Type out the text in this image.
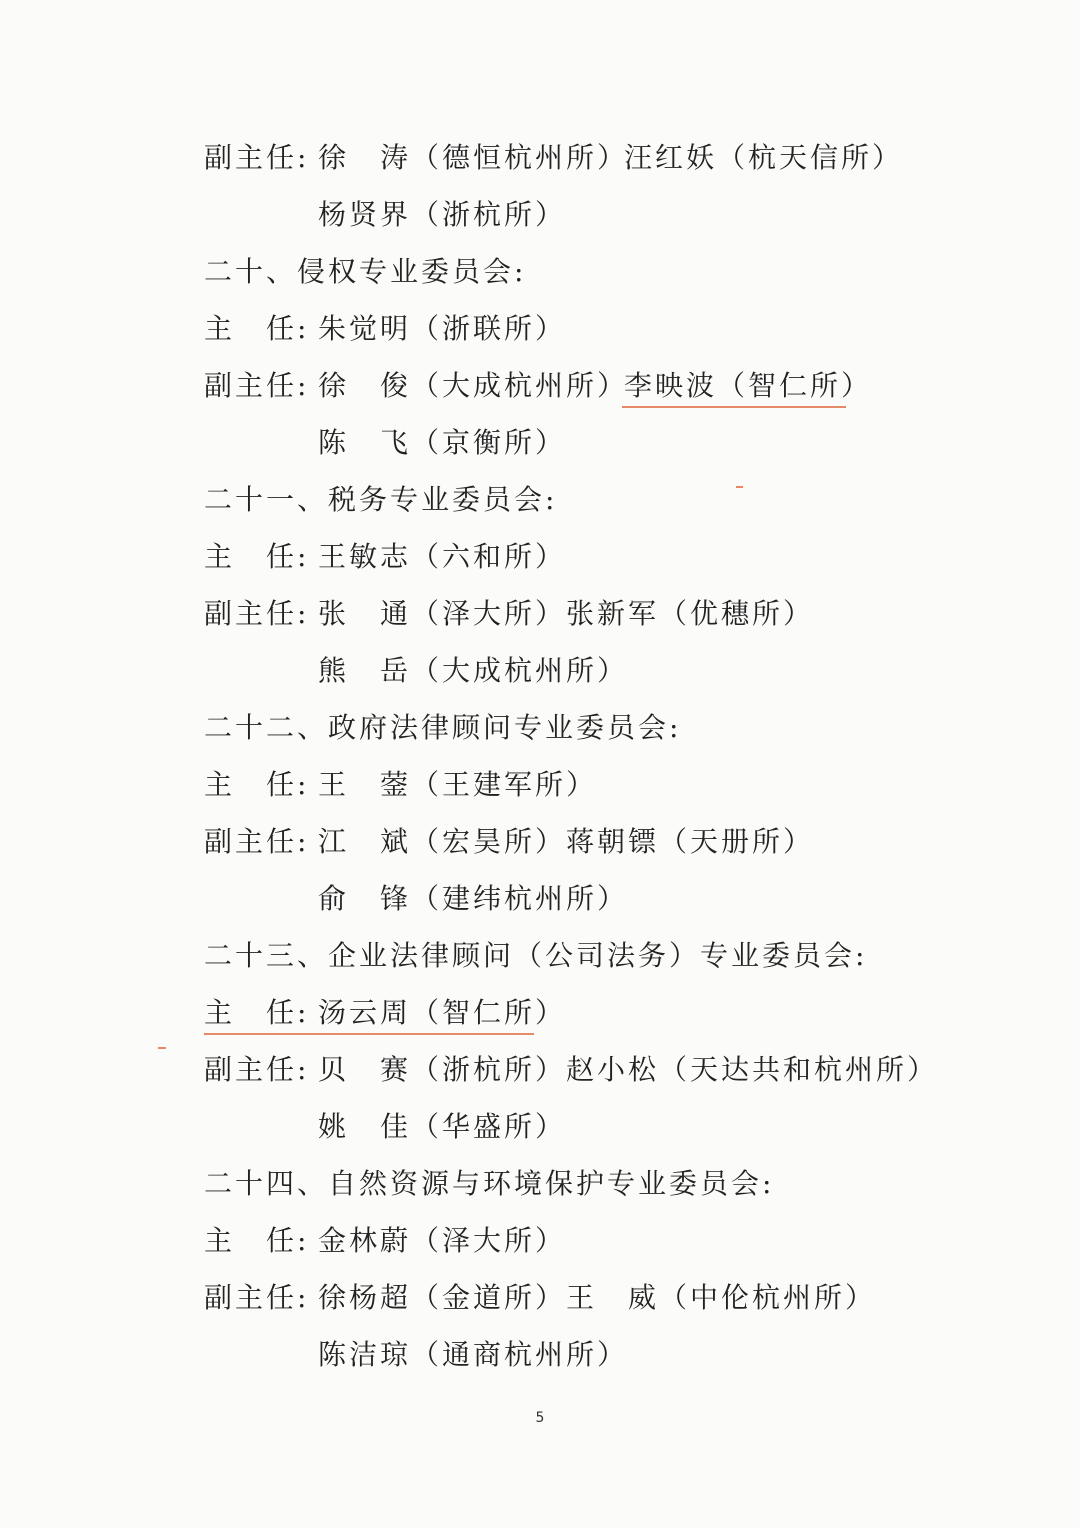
副主任: 徐　涛（德恒杭州所）
汪红妖（杭天信所）
杨贤界（浙杭所）
二十、侵权专业委员会:
主　任: 朱觉明（浙联所）
副主任: 徐　俊（大成杭州所）
李映波（智仁所）
陈　飞（京衡所）
二十一、税务专业委员会:
主　任: 王敏志（六和所）
副主任: 张　通（泽大所） 张新军（优穗所）
熊　岳（大成杭州所）
二十二、政府法律顾问专业委员会:
主　任: 王　蓥（王建军所）
副主任: 江　斌（宏昊所） 蒋朝镖（天册所）
俞　锋（建纬杭州所）
二十三、企业法律顾问（公司法务）专业委员会:
主　任: 汤云周（智仁所）
副主任: 贝　赛（浙杭所） 赵小松（天达共和杭州所）
姚　佳（华盛所）
二十四、自然资源与环境保护专业委员会:
主　任: 金林蔚（泽大所）
副主任: 徐杨超（金道所） 王　威（中伦杭州所）
陈洁琼（通商杭州所）
5
